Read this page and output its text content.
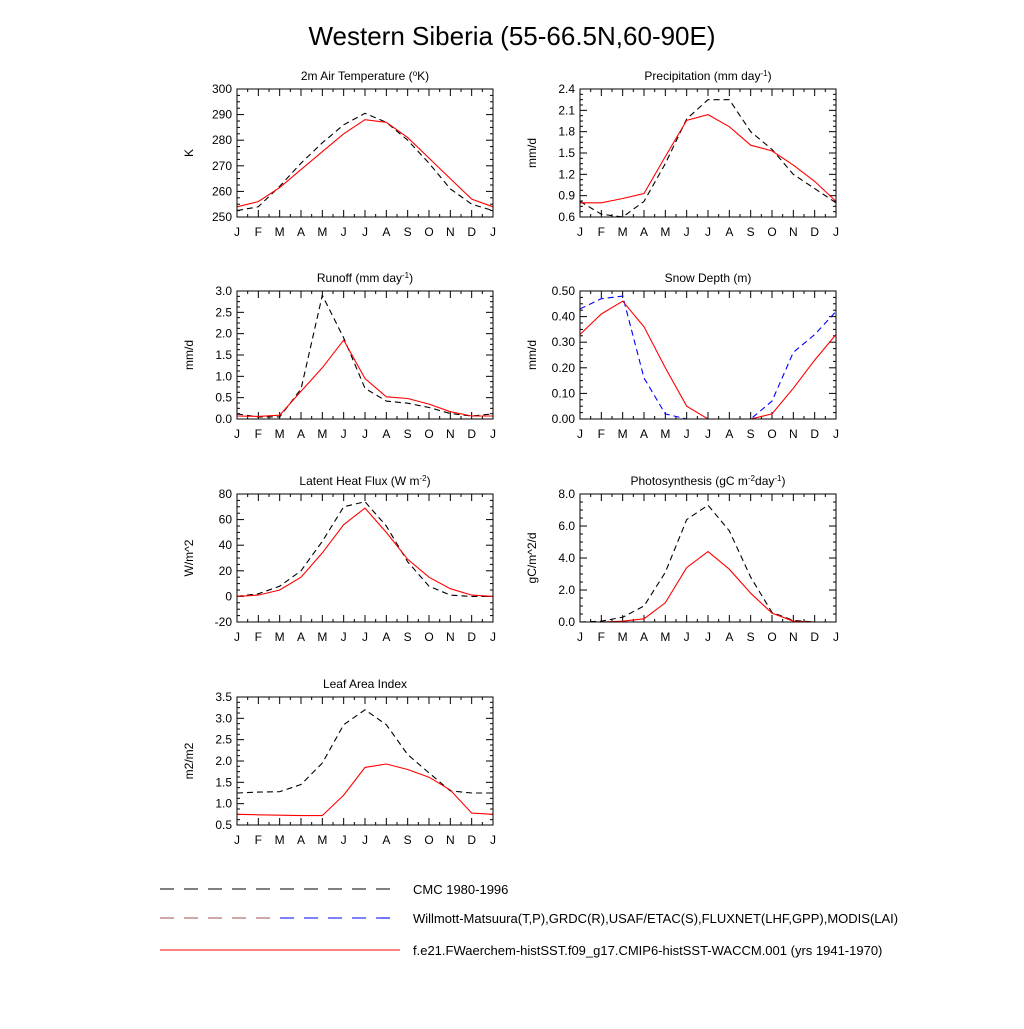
Western Siberia (55-66.5N,60-90E)
2m Air Temperature ($^o$K)
K
J F M A M J J A S O N D J
250
260
270
280
290
300
Precipitation (mm day$^{-1}$)
mm/d
J F M A M J J A S O N D J
0.6
0.9
1.2
1.5
1.8
2.1
2.4
Runoff (mm day$^{-1}$)
mm/d
J F M A M J J A S O N D J
0.0
0.5
1.0
1.5
2.0
2.5
3.0
Snow Depth (m)
mm/d
J F M A M J J A S O N D J
0.00
0.10
0.20
0.30
0.40
0.50
Latent Heat Flux (W $m^{-2}$)
W/m^2
J F M A M J J A S O N D J
-20
0
20
40
60
80
Photosynthesis (gC $m^{-2}day^{-1}$)
gC/m^2/d
J F M A M J J A S O N D J
0.0
2.0
4.0
6.0
8.0
Leaf Area Index
m2/m2
J F M A M J J A S O N D J
0.5
1.0
1.5
2.0
2.5
3.0
3.5
CMC 1980-1996
Willmott-Matsuura(T,P),GRDC(R),USAF/ETAC(S),FLUXNET(LHF,GPP),MODIS(LAI)
f.e21.FWaerchem-histSST.f09_g17.CMIP6-histSST-WACCM.001 (yrs 1941-1970)
